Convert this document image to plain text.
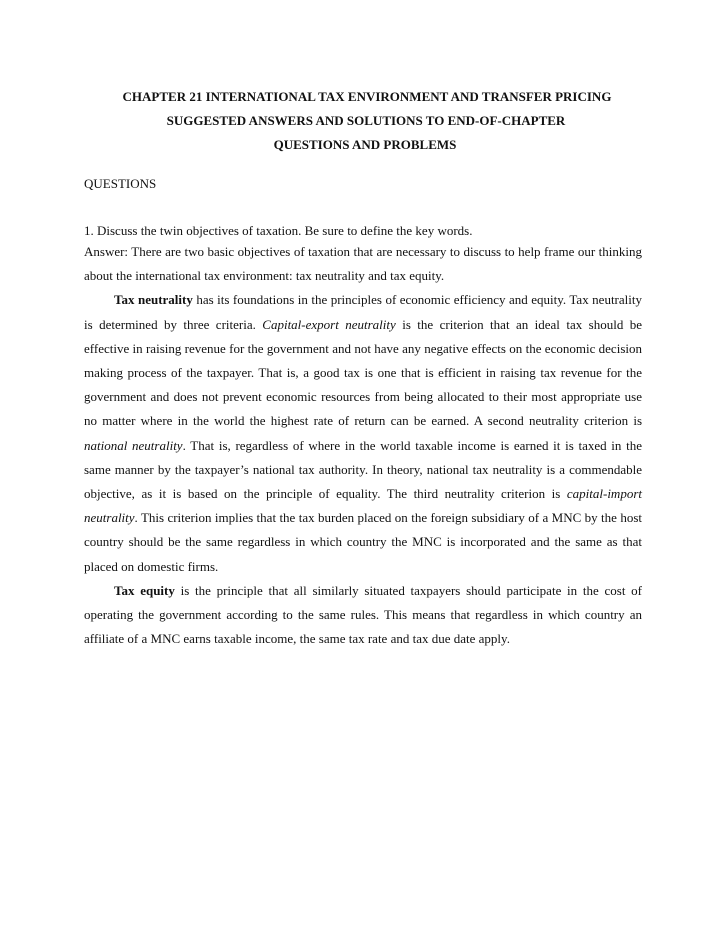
CHAPTER 21 INTERNATIONAL TAX ENVIRONMENT AND TRANSFER PRICING
SUGGESTED ANSWERS AND SOLUTIONS TO END-OF-CHAPTER
QUESTIONS AND PROBLEMS
QUESTIONS
1. Discuss the twin objectives of taxation. Be sure to define the key words.

Answer: There are two basic objectives of taxation that are necessary to discuss to help frame our thinking about the international tax environment: tax neutrality and tax equity.

Tax neutrality has its foundations in the principles of economic efficiency and equity. Tax neutrality is determined by three criteria. Capital-export neutrality is the criterion that an ideal tax should be effective in raising revenue for the government and not have any negative effects on the economic decision making process of the taxpayer. That is, a good tax is one that is efficient in raising tax revenue for the government and does not prevent economic resources from being allocated to their most appropriate use no matter where in the world the highest rate of return can be earned. A second neutrality criterion is national neutrality. That is, regardless of where in the world taxable income is earned it is taxed in the same manner by the taxpayer’s national tax authority. In theory, national tax neutrality is a commendable objective, as it is based on the principle of equality. The third neutrality criterion is capital-import neutrality. This criterion implies that the tax burden placed on the foreign subsidiary of a MNC by the host country should be the same regardless in which country the MNC is incorporated and the same as that placed on domestic firms.

Tax equity is the principle that all similarly situated taxpayers should participate in the cost of operating the government according to the same rules. This means that regardless in which country an affiliate of a MNC earns taxable income, the same tax rate and tax due date apply.
